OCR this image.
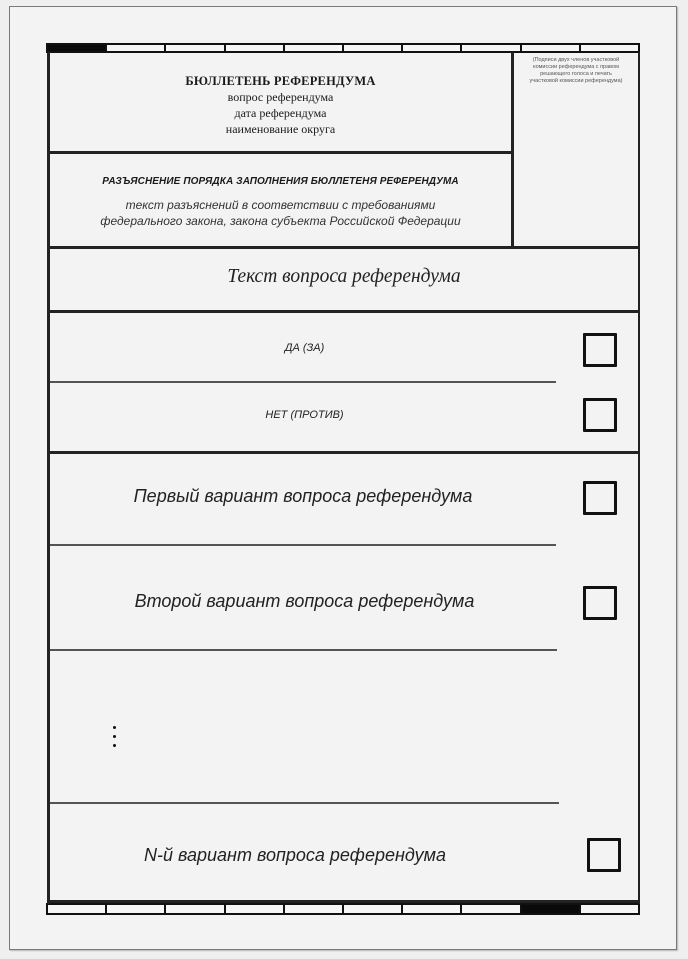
БЮЛЛЕТЕНЬ РЕФЕРЕНДУМА
вопрос референдума
дата референдума
наименование округа
(Подписи двух членов участковой
комиссии референдума с правом
решающего голоса и печать
участковой комиссии референдума)
РАЗЪЯСНЕНИЕ ПОРЯДКА ЗАПОЛНЕНИЯ БЮЛЛЕТЕНЯ РЕФЕРЕНДУМА
текст разъяснений в соответствии с требованиями
федерального закона, закона субъекта Российской Федерации
Текст вопроса референдума
ДА (ЗА)
НЕТ (ПРОТИВ)
Первый вариант вопроса референдума
Второй вариант вопроса референдума
N-й вариант вопроса референдума
